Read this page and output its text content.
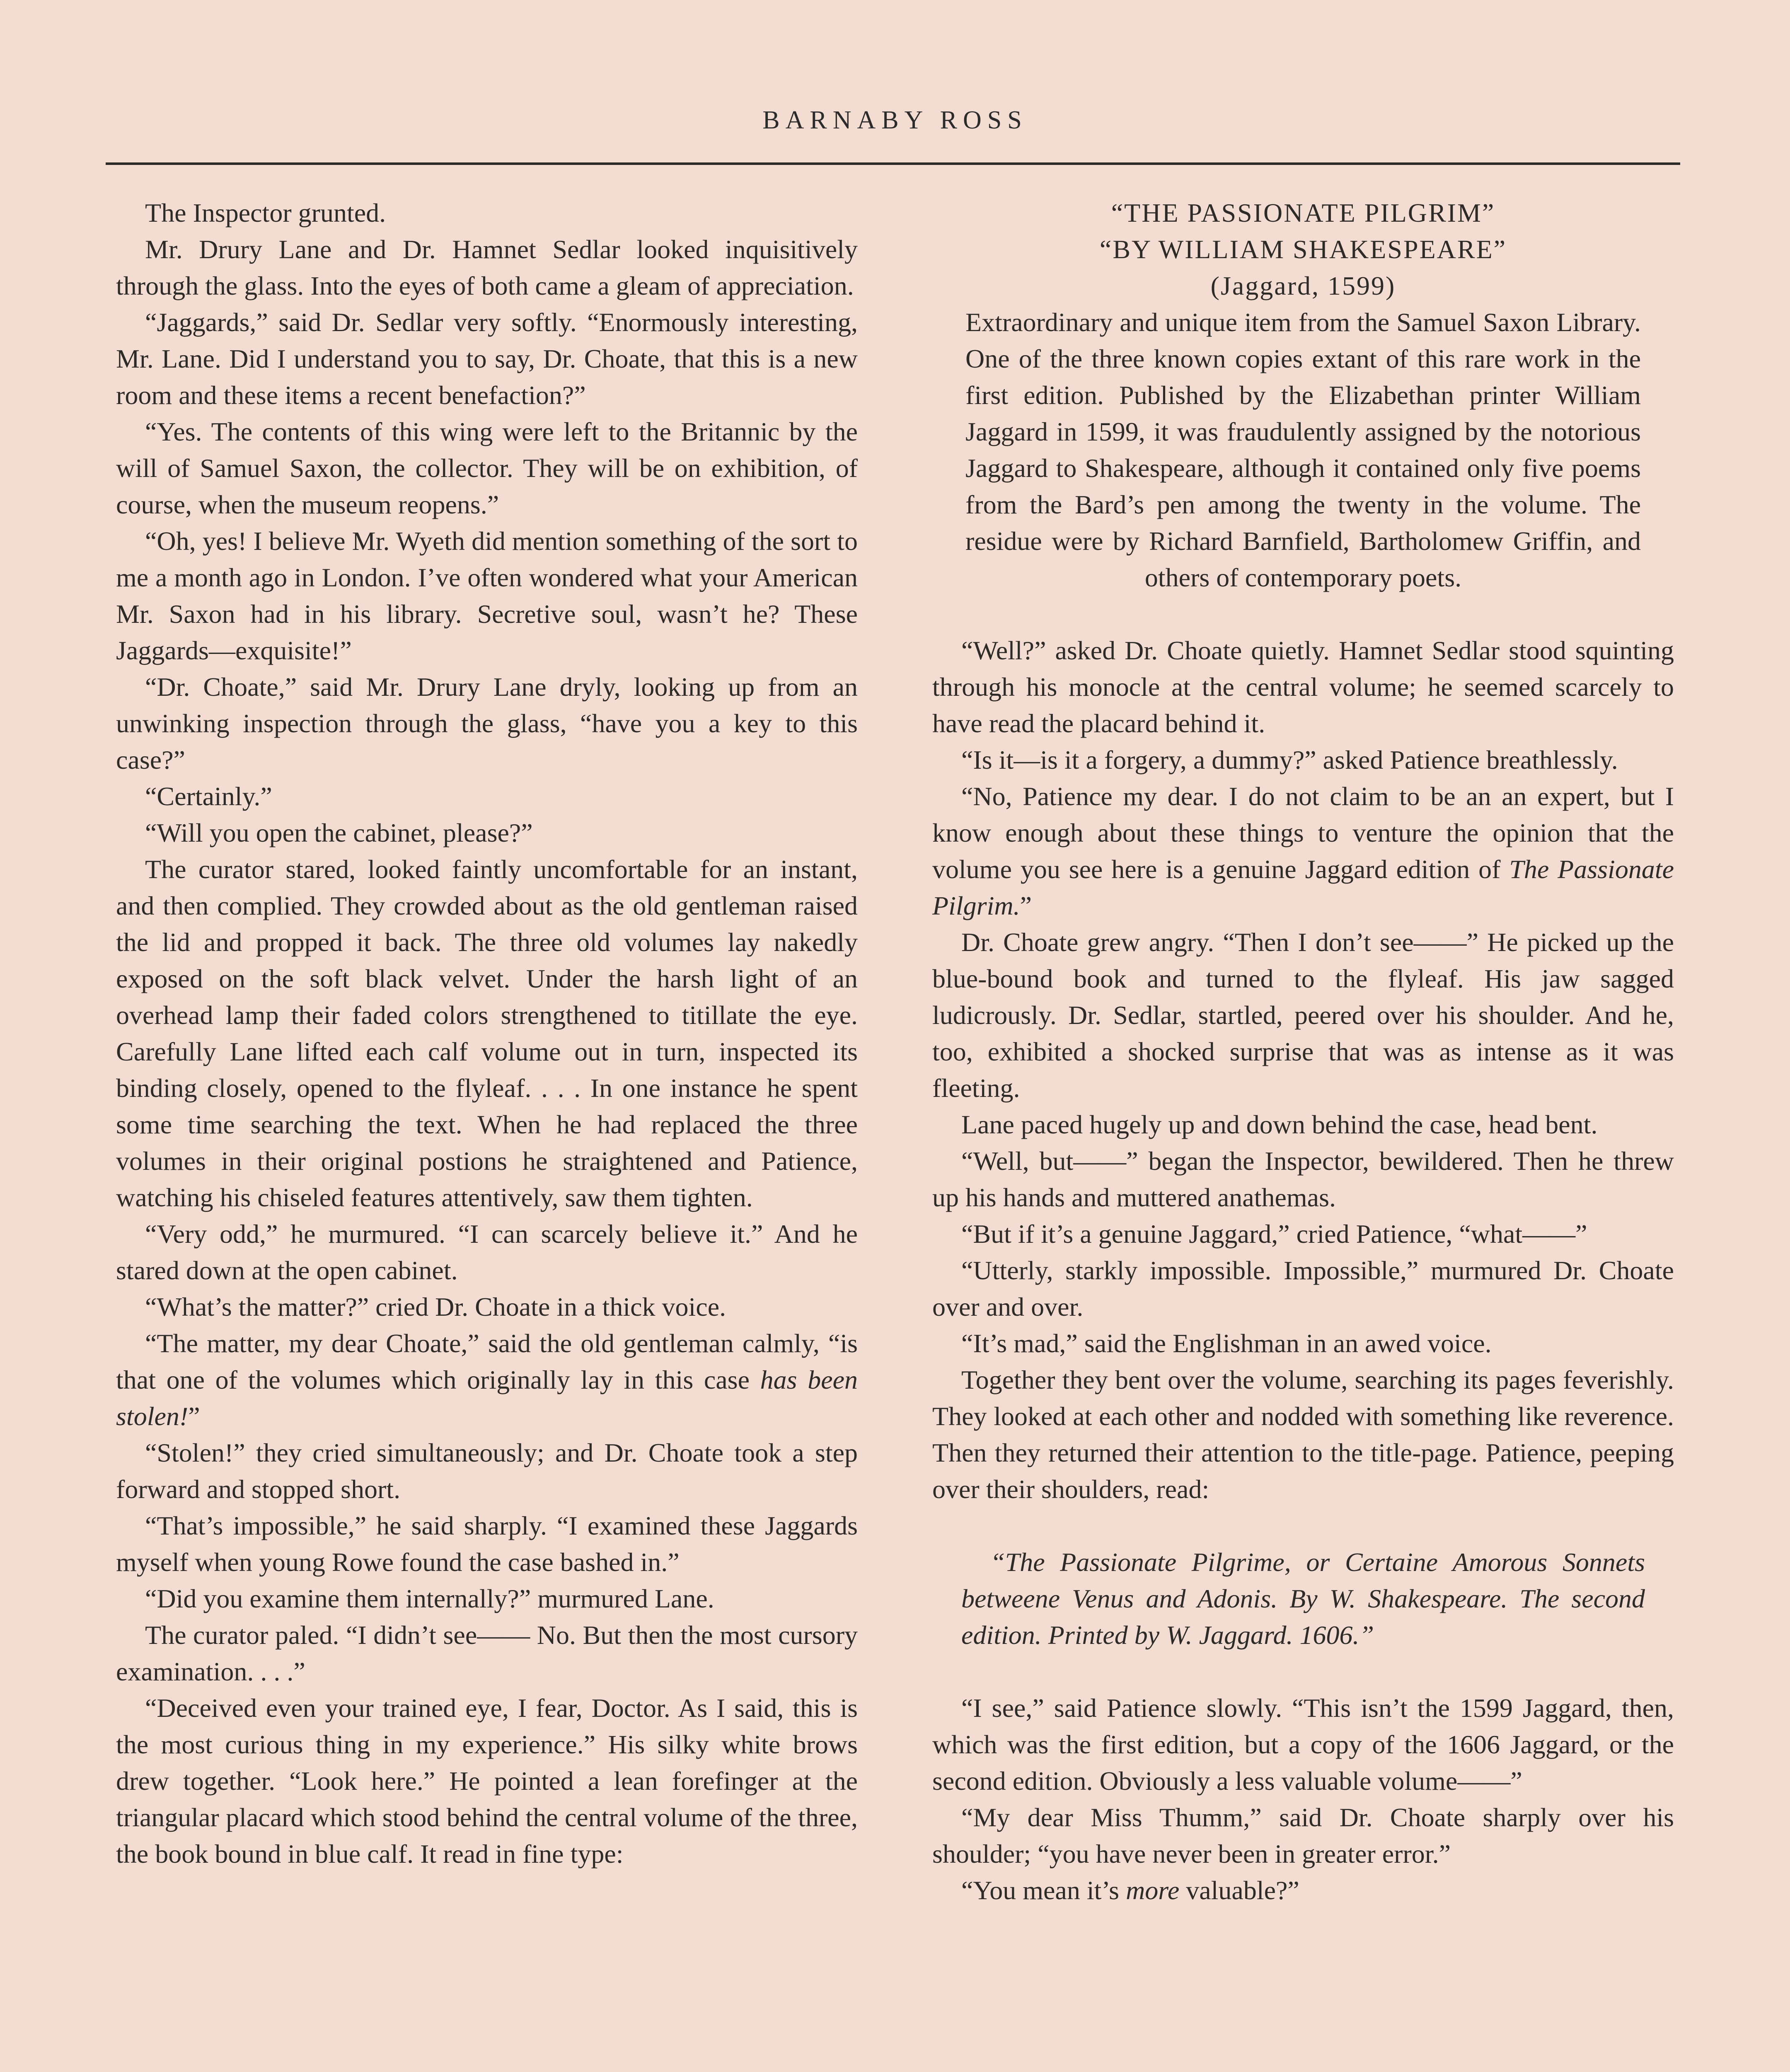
BARNABY ROSS

The Inspector grunted.

Mr. Drury Lane and Dr. Hamnet Sedlar looked inquisitively through the glass. Into the eyes of both came a gleam of appreciation.

“Jaggards,” said Dr. Sedlar very softly. “Enormously interesting, Mr. Lane. Did I understand you to say, Dr. Choate, that this is a new room and these items a recent benefaction?”

“Yes. The contents of this wing were left to the Britannic by the will of Samuel Saxon, the collector. They will be on exhibition, of course, when the museum reopens.”

“Oh, yes! I believe Mr. Wyeth did mention something of the sort to me a month ago in London. I’ve often wondered what your American Mr. Saxon had in his library. Secretive soul, wasn’t he? These Jaggards—exquisite!”

“Dr. Choate,” said Mr. Drury Lane dryly, looking up from an unwinking inspection through the glass, “have you a key to this case?”

“Certainly.”

“Will you open the cabinet, please?”

The curator stared, looked faintly uncomfortable for an instant, and then complied. They crowded about as the old gentleman raised the lid and propped it back. The three old volumes lay nakedly exposed on the soft black velvet. Under the harsh light of an overhead lamp their faded colors strengthened to titillate the eye. Carefully Lane lifted each calf volume out in turn, inspected its binding closely, opened to the flyleaf. . . . In one instance he spent some time searching the text. When he had replaced the three volumes in their original postions he straightened and Patience, watching his chiseled features attentively, saw them tighten.

“Very odd,” he murmured. “I can scarcely believe it.” And he stared down at the open cabinet.

“What’s the matter?” cried Dr. Choate in a thick voice.

“The matter, my dear Choate,” said the old gentleman calmly, “is that one of the volumes which originally lay in this case has been stolen!”

“Stolen!” they cried simultaneously; and Dr. Choate took a step forward and stopped short.

“That’s impossible,” he said sharply. “I examined these Jaggards myself when young Rowe found the case bashed in.”

“Did you examine them internally?” murmured Lane.

The curator paled. “I didn’t see—— No. But then the most cursory examination. . . .”

“Deceived even your trained eye, I fear, Doctor. As I said, this is the most curious thing in my experience.” His silky white brows drew together. “Look here.” He pointed a lean forefinger at the triangular placard which stood behind the central volume of the three, the book bound in blue calf. It read in fine type:

“THE PASSIONATE PILGRIM”
“BY WILLIAM SHAKESPEARE”
(Jaggard, 1599)
Extraordinary and unique item from the Samuel Saxon Library. One of the three known copies extant of this rare work in the first edition. Published by the Elizabethan printer William Jaggard in 1599, it was fraudulently assigned by the notorious Jaggard to Shakespeare, although it contained only five poems from the Bard’s pen among the twenty in the volume. The residue were by Richard Barnfield, Bartholomew Griffin, and others of contemporary poets.

“Well?” asked Dr. Choate quietly. Hamnet Sedlar stood squinting through his monocle at the central volume; he seemed scarcely to have read the placard behind it.

“Is it—is it a forgery, a dummy?” asked Patience breathlessly.

“No, Patience my dear. I do not claim to be an an expert, but I know enough about these things to venture the opinion that the volume you see here is a genuine Jaggard edition of The Passionate Pilgrim.”

Dr. Choate grew angry. “Then I don’t see——” He picked up the blue-bound book and turned to the flyleaf. His jaw sagged ludicrously. Dr. Sedlar, startled, peered over his shoulder. And he, too, exhibited a shocked surprise that was as intense as it was fleeting.

Lane paced hugely up and down behind the case, head bent.

“Well, but——” began the Inspector, bewildered. Then he threw up his hands and muttered anathemas.

“But if it’s a genuine Jaggard,” cried Patience, “what——”

“Utterly, starkly impossible. Impossible,” murmured Dr. Choate over and over.

“It’s mad,” said the Englishman in an awed voice.

Together they bent over the volume, searching its pages feverishly. They looked at each other and nodded with something like reverence. Then they returned their attention to the title-page. Patience, peeping over their shoulders, read:

“The Passionate Pilgrime, or Certaine Amorous Sonnets betweene Venus and Adonis. By W. Shakespeare. The second edition. Printed by W. Jaggard. 1606.”

“I see,” said Patience slowly. “This isn’t the 1599 Jaggard, then, which was the first edition, but a copy of the 1606 Jaggard, or the second edition. Obviously a less valuable volume——”

“My dear Miss Thumm,” said Dr. Choate sharply over his shoulder; “you have never been in greater error.”

“You mean it’s more valuable?”
